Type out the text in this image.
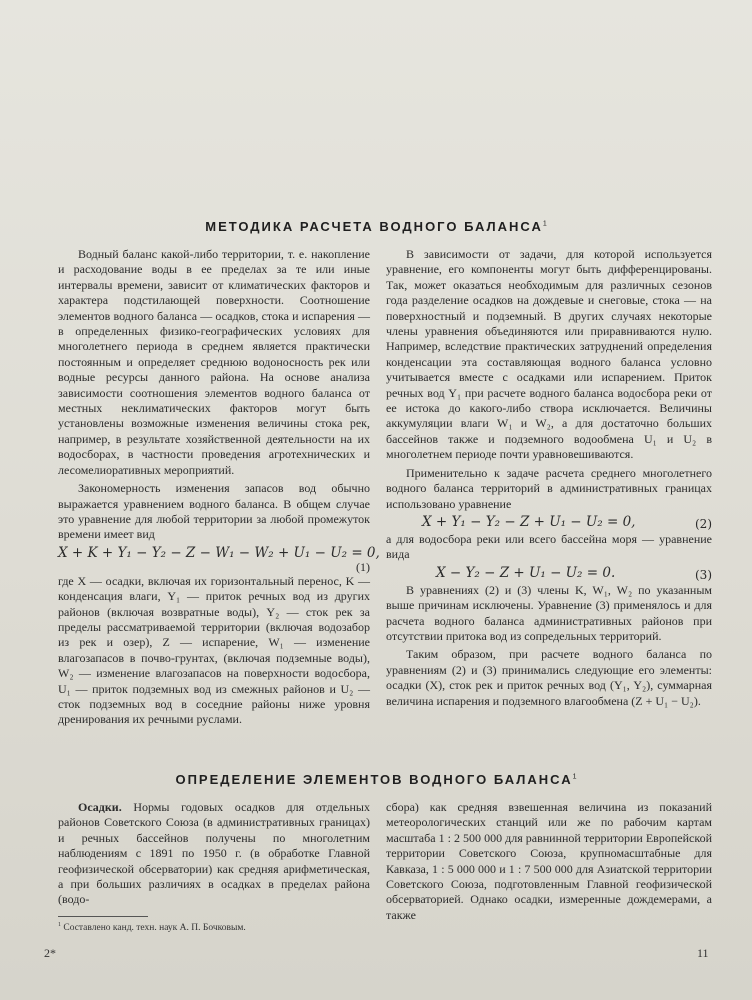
МЕТОДИКА РАСЧЕТА ВОДНОГО БАЛАНСА$^1$

Водный баланс какой-либо территории, т. е. накопление и расходование воды в ее пределах за те или иные интервалы времени, зависит от климатических факторов и характера подстилающей поверхности. Соотношение элементов водного баланса — осадков, стока и испарения — в определенных физико-географических условиях для многолетнего периода в среднем является практически постоянным и определяет среднюю водоносность рек или водные ресурсы данного района. На основе анализа зависимости соотношения элементов водного баланса от местных неклиматических факторов могут быть установлены возможные изменения величины стока рек, например, в результате хозяйственной деятельности на их водосборах, в частности проведения агротехнических и лесомелиоративных мероприятий.

Закономерность изменения запасов вод обычно выражается уравнением водного баланса. В общем случае это уравнение для любой территории за любой промежуток времени имеет вид

X + K + Y₁ − Y₂ − Z − W₁ − W₂ + U₁ − U₂ = 0,
(1)

где X — осадки, включая их горизонтальный перенос, K — конденсация влаги, Y₁ — приток речных вод из других районов (включая возвратные воды), Y₂ — сток рек за пределы рассматриваемой территории (включая водозабор из рек и озер), Z — испарение, W₁ — изменение влагозапасов в почво-грунтах, (включая подземные воды), W₂ — изменение влагозапасов на поверхности водосбора, U₁ — приток подземных вод из смежных районов и U₂ — сток подземных вод в соседние районы ниже уровня дренирования их речными руслами.

В зависимости от задачи, для которой используется уравнение, его компоненты могут быть дифференцированы. Так, может оказаться необходимым для различных сезонов года разделение осадков на дождевые и снеговые, стока — на поверхностный и подземный. В других случаях некоторые члены уравнения объединяются или приравниваются нулю. Например, вследствие практических затруднений определения конденсации эта составляющая водного баланса условно учитывается вместе с осадками или испарением. Приток речных вод Y₁ при расчете водного баланса водосбора реки от ее истока до какого-либо створа исключается. Величины аккумуляции влаги W₁ и W₂, а для достаточно больших бассейнов также и подземного водообмена U₁ и U₂ в многолетнем периоде почти уравновешиваются.

Применительно к задаче расчета среднего многолетнего водного баланса территорий в административных границах использовано уравнение

X + Y₁ − Y₂ − Z + U₁ − U₂ = 0,	(2)

а для водосбора реки или всего бассейна моря — уравнение вида

X − Y₂ − Z + U₁ − U₂ = 0.	(3)

В уравнениях (2) и (3) члены K, W₁, W₂ по указанным выше причинам исключены. Уравнение (3) применялось и для расчета водного баланса административных районов при отсутствии притока вод из сопредельных территорий.

Таким образом, при расчете водного баланса по уравнениям (2) и (3) принимались следующие его элементы: осадки (X), сток рек и приток речных вод (Y₁, Y₂), суммарная величина испарения и подземного влагообмена (Z + U₁ − U₂).

ОПРЕДЕЛЕНИЕ ЭЛЕМЕНТОВ ВОДНОГО БАЛАНСА$^1$

Осадки. Нормы годовых осадков для отдельных районов Советского Союза (в административных границах) и речных бассейнов получены по многолетним наблюдениям с 1891 по 1950 г. (в обработке Главной геофизической обсерватории) как средняя арифметическая, а при больших различиях в осадках в пределах района (водо-

сбора) как средняя взвешенная величина из показаний метеорологических станций или же по рабочим картам масштаба 1 : 2 500 000 для равнинной территории Европейской территории Советского Союза, крупномасштабные для Кавказа, 1 : 5 000 000 и 1 : 7 500 000 для Азиатской территории Советского Союза, подготовленным Главной геофизической обсерваторией. Однако осадки, измеренные дождемерами, а также

$^1$ Составлено канд. техн. наук А. П. Бочковым.
2*	11
